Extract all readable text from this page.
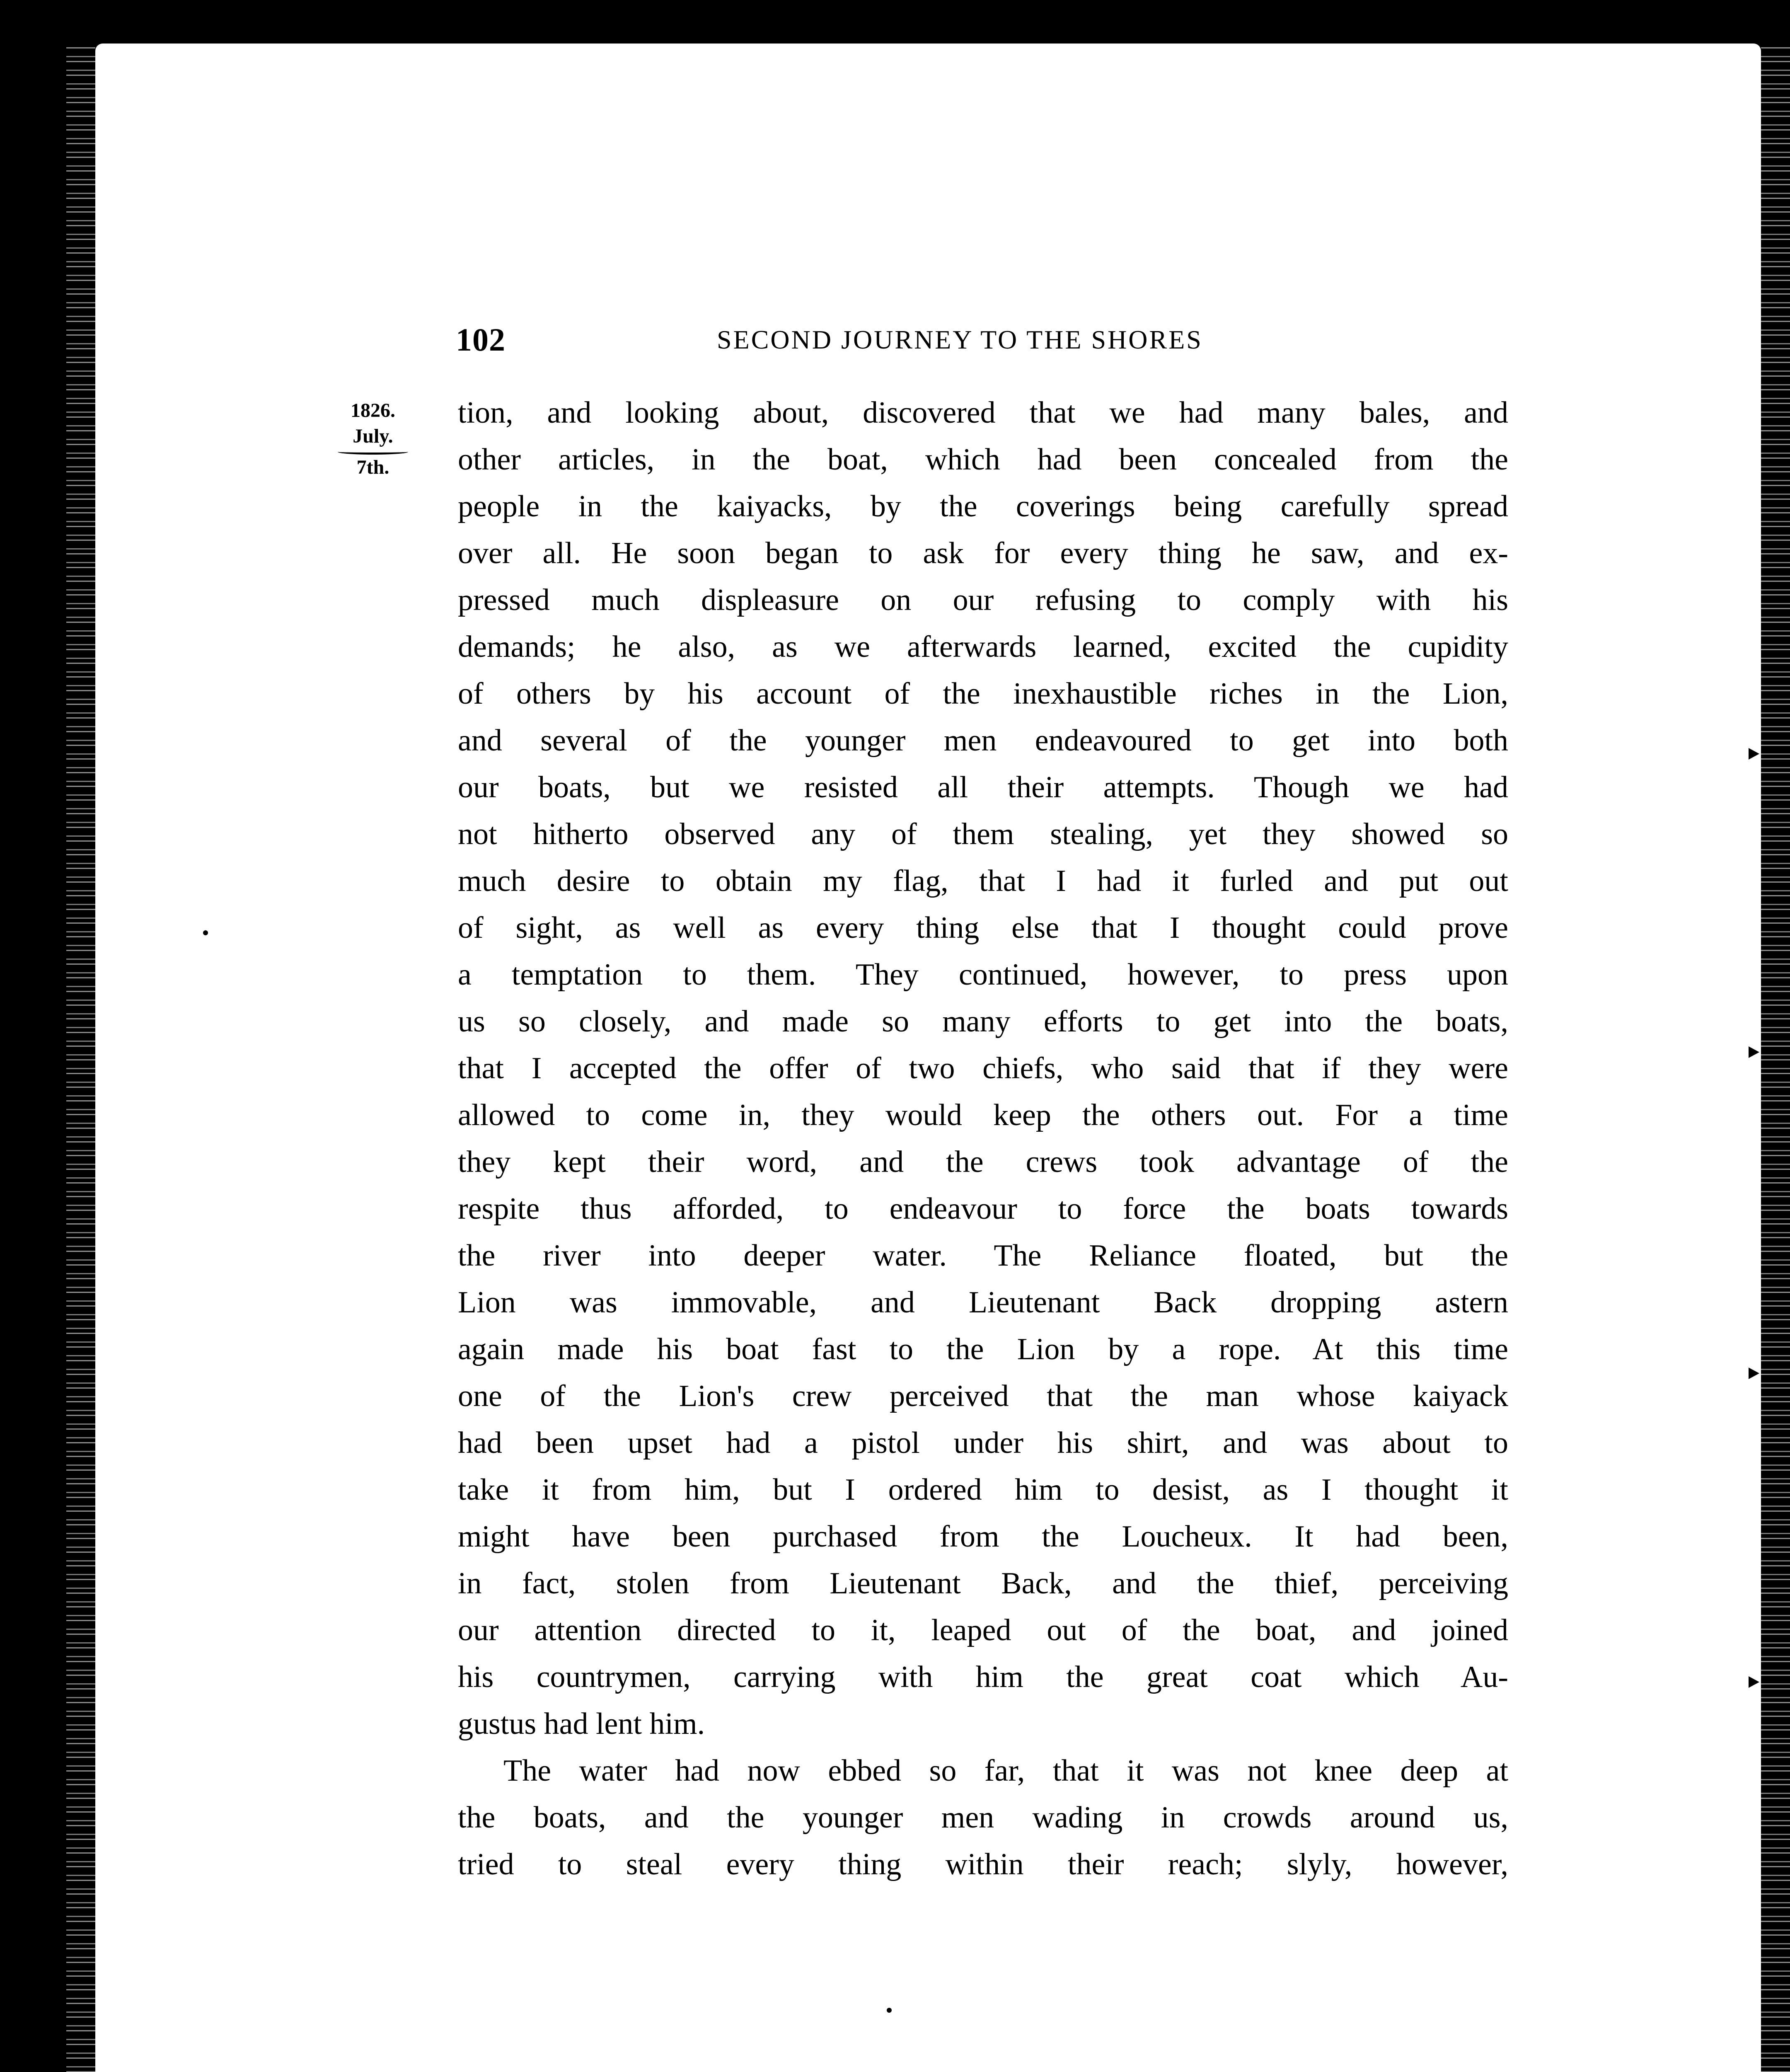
102	SECOND JOURNEY TO THE SHORES
1826.
July.
7th.
tion, and looking about, discovered that we had many bales, and
other articles, in the boat, which had been concealed from the
people in the kaiyacks, by the coverings being carefully spread
over all. He soon began to ask for every thing he saw, and ex-
pressed much displeasure on our refusing to comply with his
demands; he also, as we afterwards learned, excited the cupidity
of others by his account of the inexhaustible riches in the Lion,
and several of the younger men endeavoured to get into both
our boats, but we resisted all their attempts. Though we had
not hitherto observed any of them stealing, yet they showed so
much desire to obtain my flag, that I had it furled and put out
of sight, as well as every thing else that I thought could prove
a temptation to them. They continued, however, to press upon
us so closely, and made so many efforts to get into the boats,
that I accepted the offer of two chiefs, who said that if they were
allowed to come in, they would keep the others out. For a time
they kept their word, and the crews took advantage of the
respite thus afforded, to endeavour to force the boats towards
the river into deeper water. The Reliance floated, but the
Lion was immovable, and Lieutenant Back dropping astern
again made his boat fast to the Lion by a rope. At this time
one of the Lion's crew perceived that the man whose kaiyack
had been upset had a pistol under his shirt, and was about to
take it from him, but I ordered him to desist, as I thought it
might have been purchased from the Loucheux. It had been,
in fact, stolen from Lieutenant Back, and the thief, perceiving
our attention directed to it, leaped out of the boat, and joined
his countrymen, carrying with him the great coat which Au-
gustus had lent him.
The water had now ebbed so far, that it was not knee deep at
the boats, and the younger men wading in crowds around us,
tried to steal every thing within their reach; slyly, however,
